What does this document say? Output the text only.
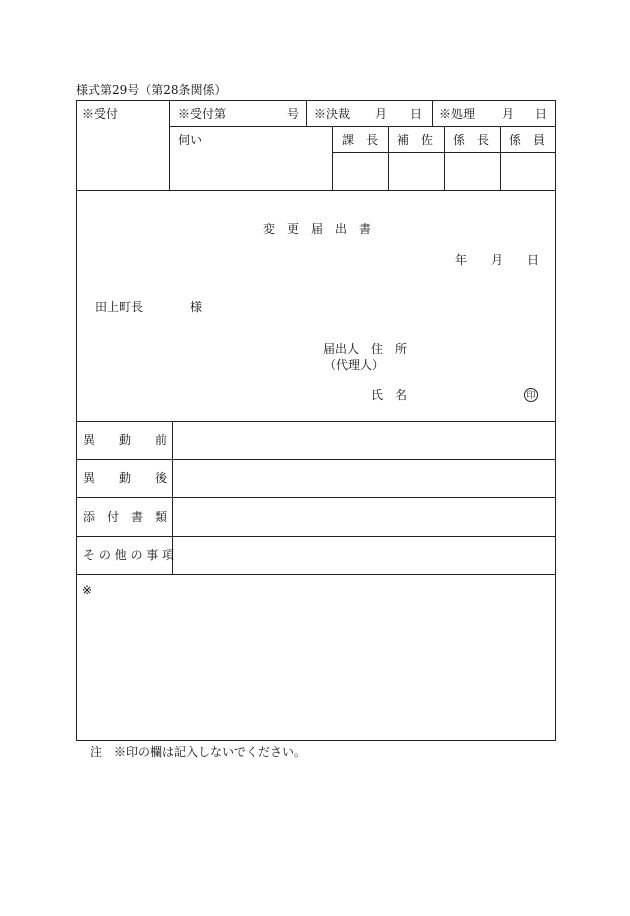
様式第29号（第28条関係）
※受付	※受付第	号 ※決裁 月 日 ※処理 月 日
伺い	課　長 補　佐 係　長 係　員
変　更　届　出　書
年 月 日
田上町長	様
届出人 住　所
（代理人）
氏　名	印
異　　動　　前
異　　動　　後
添　付　書　類
そ の 他 の 事 項
※
注　※印の欄は記入しないでください。
